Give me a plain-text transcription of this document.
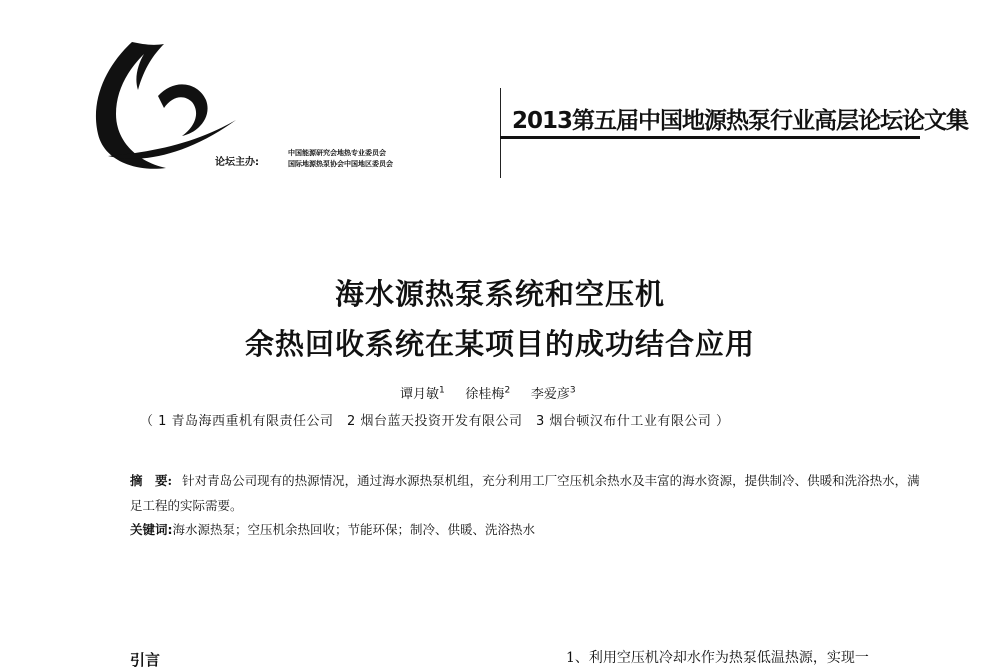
2013第五届中国地源热泵行业高层论坛论文集
论坛主办:
中国能源研究会地热专业委员会
国际地源热泵协会中国地区委员会
海水源热泵系统和空压机
余热回收系统在某项目的成功结合应用
谭月敏$^1$ 徐桂梅$^2$ 李爱彦$^3$
（ 1 青岛海西重机有限责任公司　2 烟台蓝天投资开发有限公司　3 烟台顿汉布什工业有限公司 ）
摘　要: 针对青岛公司现有的热源情况，通过海水源热泵机组，充分利用工厂空压机余热水及丰富的海水资源，提供制冷、供暖和洗浴热水，满足工程的实际需要。
关键词:海水源热泵；空压机余热回收；节能环保；制冷、供暖、洗浴热水
引言	1、利用空压机冷却水作为热泵低温热源，实现一
